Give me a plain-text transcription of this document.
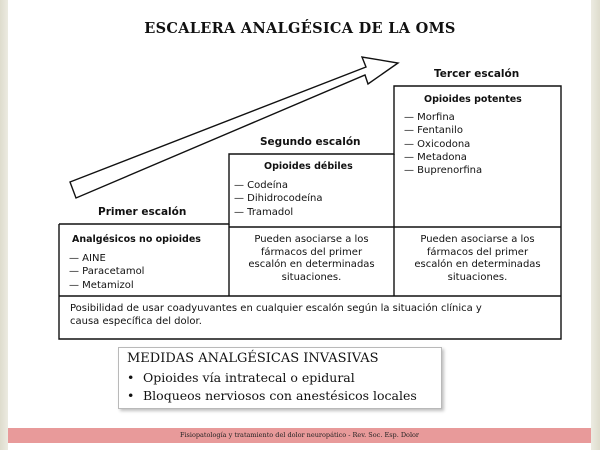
ESCALERA ANALGÉSICA DE LA OMS
Primer escalón
Segundo escalón
Tercer escalón
Analgésicos no opioides
— AINE
— Paracetamol
— Metamizol
Opioides débiles
— Codeína
— Dihidrocodeína
— Tramadol
Pueden asociarse a los
fármacos del primer
escalón en determinadas
situaciones.
Opioides potentes
— Morfina
— Fentanilo
— Oxicodona
— Metadona
— Buprenorfina
Pueden asociarse a los
fármacos del primer
escalón en determinadas
situaciones.
Posibilidad de usar coadyuvantes en cualquier escalón según la situación clínica y
causa específica del dolor.
MEDIDAS ANALGÉSICAS INVASIVAS
• Opioides vía intratecal o epidural
• Bloqueos nerviosos con anestésicos locales
Fisiopatología y tratamiento del dolor neuropático - Rev. Soc. Esp. Dolor
